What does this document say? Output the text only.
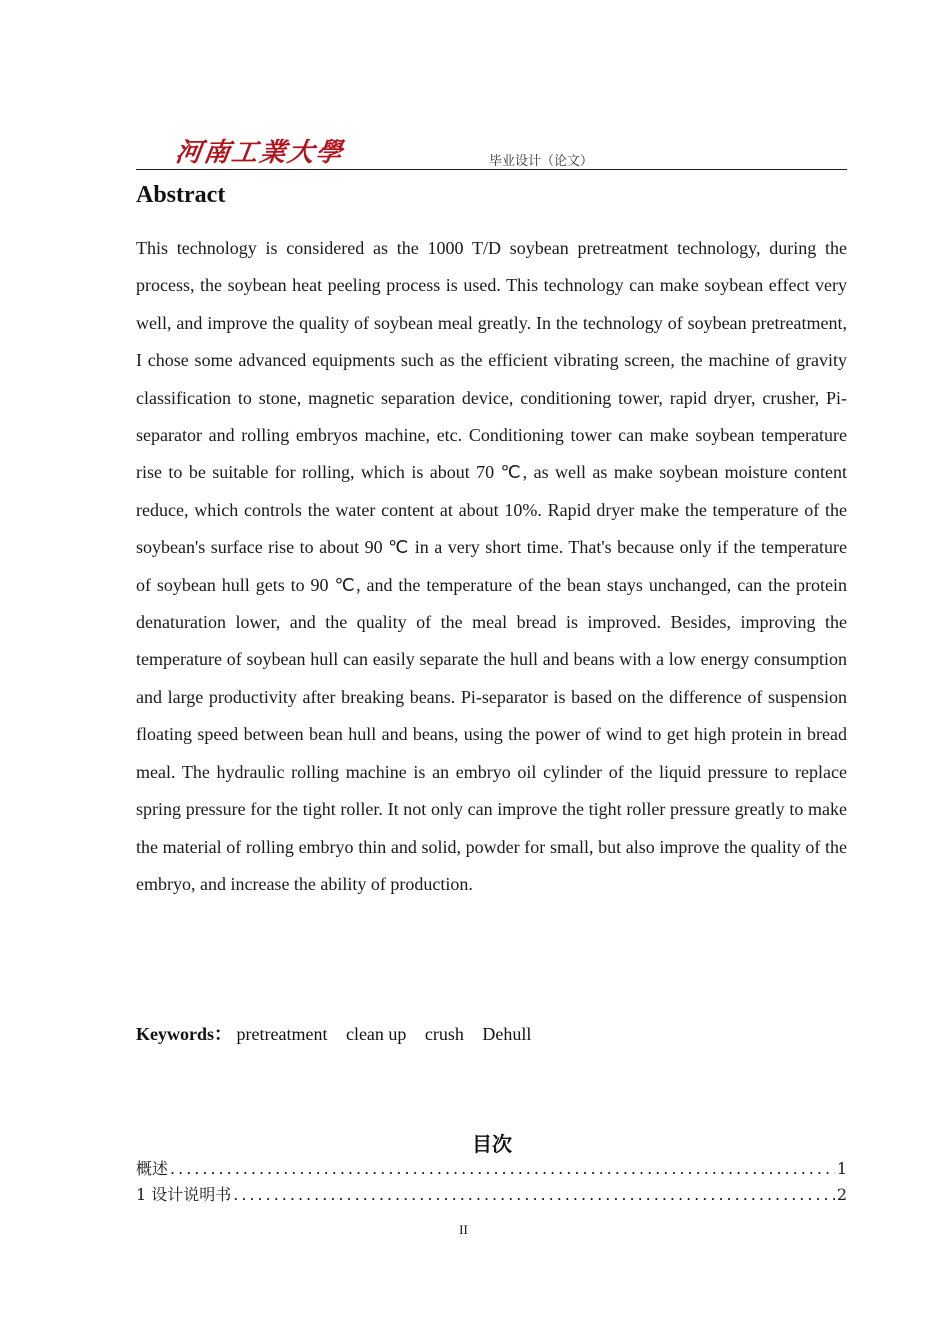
河南工業大學	毕业设计（论文）
Abstract

This technology is considered as the 1000 T/D soybean pretreatment technology, during the process, the soybean heat peeling process is used. This technology can make soybean effect very well, and improve the quality of soybean meal greatly. In the technology of soybean pretreatment, I chose some advanced equipments such as the efficient vibrating screen, the machine of gravity classification to stone, magnetic separation device, conditioning tower, rapid dryer, crusher, Pi-separator and rolling embryos machine, etc. Conditioning tower can make soybean temperature rise to be suitable for rolling, which is about 70 ℃, as well as make soybean moisture content reduce, which controls the water content at about 10%. Rapid dryer make the temperature of the soybean's surface rise to about 90 ℃ in a very short time. That's because only if the temperature of soybean hull gets to 90 ℃, and the temperature of the bean stays unchanged, can the protein denaturation lower, and the quality of the meal bread is improved. Besides, improving the temperature of soybean hull can easily separate the hull and beans with a low energy consumption and large productivity after breaking beans. Pi-separator is based on the difference of suspension floating speed between bean hull and beans, using the power of wind to get high protein in bread meal. The hydraulic rolling machine is an embryo oil cylinder of the liquid pressure to replace spring pressure for the tight roller. It not only can improve the tight roller pressure greatly to make the material of rolling embryo thin and solid, powder for small, but also improve the quality of the embryo, and increase the ability of production.

Keywords： pretreatment clean up crush Dehull
目次
概述 .....	1
1 设计说明书 .....	2
II
